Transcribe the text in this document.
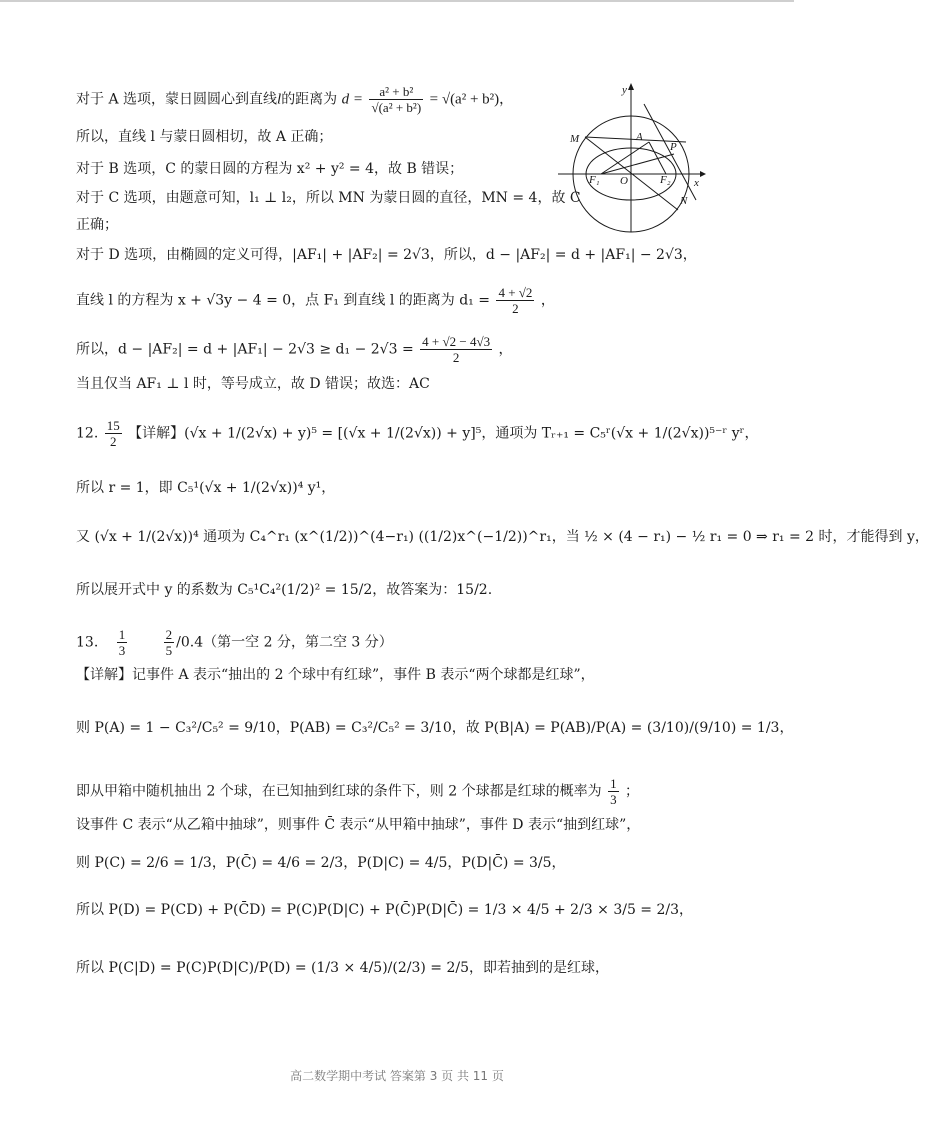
对于 A 选项，蒙日圆圆心到直线l的距离为 $d = \frac{\text{a² + b²}}{\text{√(a² + b²)}} = √(a^2 + b^2)$，
所以，直线 l 与蒙日圆相切，故 A 正确；
对于 B 选项，C 的蒙日圆的方程为 x² + y² = 4，故 B 错误；
对于 C 选项，由题意可知，l₁ ⊥ l₂，所以 MN 为蒙日圆的直径，MN = 4，故 C
正确；
对于 D 选项，由椭圆的定义可得，|AF₁| + |AF₂| = 2√3，所以，d − |AF₂| = d + |AF₁| − 2√3，
直线 l 的方程为 x + √3y − 4 = 0，点 F₁ 到直线 l 的距离为 $d_1 = \frac{4 + √2}{2}$ ，
所以，$d - |AF_2| = d + |AF_1| - 2√3 \ge d_1 - 2√3 = \frac{4 + √2 - 4√3}{2}$ ，
当且仅当 AF₁ ⊥ l 时，等号成立，故 D 错误；故选：AC
12. $\frac{15}{2}$ 【详解】(√x + 1/(2√x) + y)⁵ = [(√x + 1/(2√x)) + y]⁵，通项为 Tᵣ₊₁ = C₅ʳ(√x + 1/(2√x))⁵⁻ʳ yʳ，
所以 r = 1，即 C₅¹(√x + 1/(2√x))⁴ y¹，
又 (√x + 1/(2√x))⁴ 通项为 C₄^r₁ (x^(1/2))^(4−r₁) ((1/2)x^(−1/2))^r₁，当 ½ × (4 − r₁) − ½ r₁ = 0 ⇒ r₁ = 2 时，才能得到 y，
所以展开式中 y 的系数为 C₅¹C₄²(1/2)² = 15/2，故答案为：15/2.
13. $\frac{1}{3}$
	$\frac{2}{5} /0.4$（第一空 2 分，第二空 3 分）
【详解】记事件 A 表示“抽出的 2 个球中有红球”，事件 B 表示“两个球都是红球”，
则 P(A) = 1 − C₃²/C₅² = 9/10，P(AB) = C₃²/C₅² = 3/10，故 P(B|A) = P(AB)/P(A) = (3/10)/(9/10) = 1/3，
即从甲箱中随机抽出 2 个球，在已知抽到红球的条件下，则 2 个球都是红球的概率为 $\frac{1}{3}$ ；
设事件 C 表示“从乙箱中抽球”，则事件 C̄ 表示“从甲箱中抽球”，事件 D 表示“抽到红球”，
则 P(C) = 2/6 = 1/3，P(C̄) = 4/6 = 2/3，P(D|C) = 4/5，P(D|C̄) = 3/5，
所以 P(D) = P(CD) + P(C̄D) = P(C)P(D|C) + P(C̄)P(D|C̄) = 1/3 × 4/5 + 2/3 × 3/5 = 2/3，
所以 P(C|D) = P(C)P(D|C)/P(D) = (1/3 × 4/5)/(2/3) = 2/5，即若抽到的是红球，
y
x
M	A
P
F₁ O	F₂
N
高二数学期中考试 答案第 3 页 共 11 页
